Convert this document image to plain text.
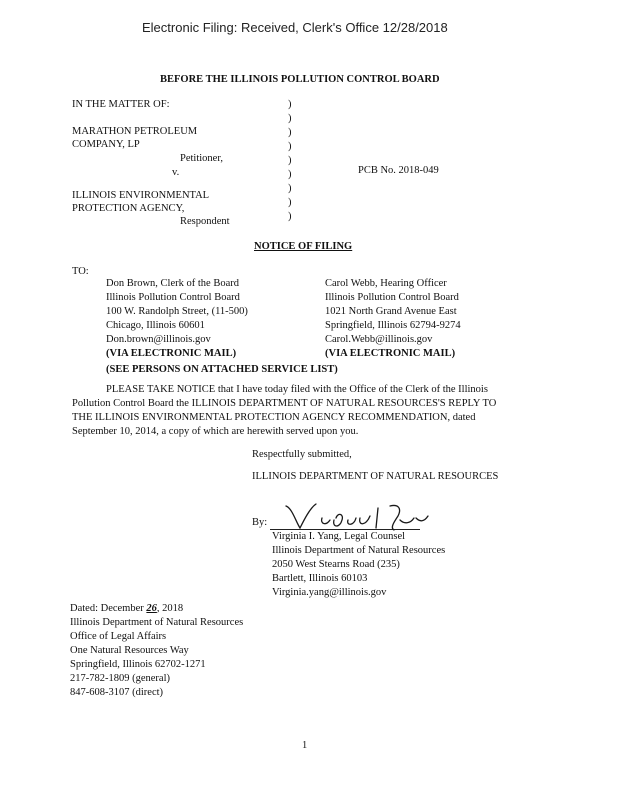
Electronic Filing: Received, Clerk's Office 12/28/2018
BEFORE THE ILLINOIS POLLUTION CONTROL BOARD
IN THE MATTER OF:
MARATHON PETROLEUM
COMPANY, LP
Petitioner,
v.
ILLINOIS ENVIRONMENTAL
PROTECTION AGENCY,
Respondent
)
)
)
)
)
)
)
)
)
PCB No. 2018-049
NOTICE OF FILING
TO:
Don Brown, Clerk of the Board
Illinois Pollution Control Board
100 W. Randolph Street, (11-500)
Chicago, Illinois 60601
Don.brown@illinois.gov
(VIA ELECTRONIC MAIL)
Carol Webb, Hearing Officer
Illinois Pollution Control Board
1021 North Grand Avenue East
Springfield, Illinois 62794-9274
Carol.Webb@illinois.gov
(VIA ELECTRONIC MAIL)
(SEE PERSONS ON ATTACHED SERVICE LIST)
PLEASE TAKE NOTICE that I have today filed with the Office of the Clerk of the Illinois
Pollution Control Board the ILLINOIS DEPARTMENT OF NATURAL RESOURCES'S REPLY TO
THE ILLINOIS ENVIRONMENTAL PROTECTION AGENCY RECOMMENDATION, dated
September 10, 2014, a copy of which are herewith served upon you.
Respectfully submitted,
ILLINOIS DEPARTMENT OF NATURAL RESOURCES
By:
Virginia I. Yang, Legal Counsel
Illinois Department of Natural Resources
2050 West Stearns Road (235)
Bartlett, Illinois 60103
Virginia.yang@illinois.gov
Dated: December 26, 2018
Illinois Department of Natural Resources
Office of Legal Affairs
One Natural Resources Way
Springfield, Illinois 62702-1271
217-782-1809 (general)
847-608-3107 (direct)
1
